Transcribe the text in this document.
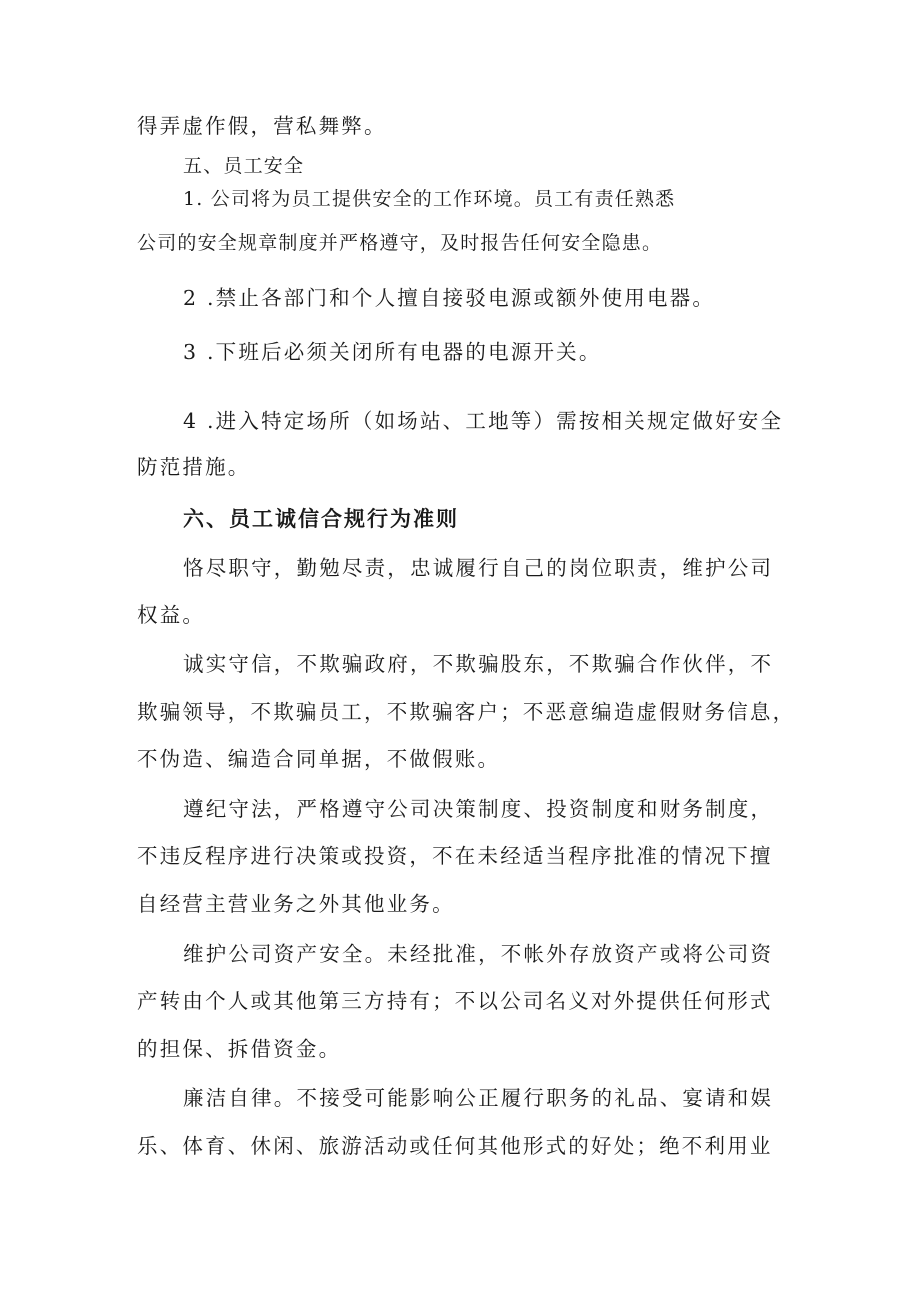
得弄虚作假，营私舞弊。
五、员工安全
1. 公司将为员工提供安全的工作环境。员工有责任熟悉
公司的安全规章制度并严格遵守，及时报告任何安全隐患。
2 .禁止各部门和个人擅自接驳电源或额外使用电器。
3 .下班后必须关闭所有电器的电源开关。
4 .进入特定场所（如场站、工地等）需按相关规定做好安全
防范措施。
六、员工诚信合规行为准则
恪尽职守，勤勉尽责，忠诚履行自己的岗位职责，维护公司
权益。
诚实守信，不欺骗政府，不欺骗股东，不欺骗合作伙伴，不
欺骗领导，不欺骗员工，不欺骗客户；不恶意编造虚假财务信息，
不伪造、编造合同单据，不做假账。
遵纪守法，严格遵守公司决策制度、投资制度和财务制度，
不违反程序进行决策或投资，不在未经适当程序批准的情况下擅
自经营主营业务之外其他业务。
维护公司资产安全。未经批准，不帐外存放资产或将公司资
产转由个人或其他第三方持有；不以公司名义对外提供任何形式
的担保、拆借资金。
廉洁自律。不接受可能影响公正履行职务的礼品、宴请和娱
乐、体育、休闲、旅游活动或任何其他形式的好处；绝不利用业
